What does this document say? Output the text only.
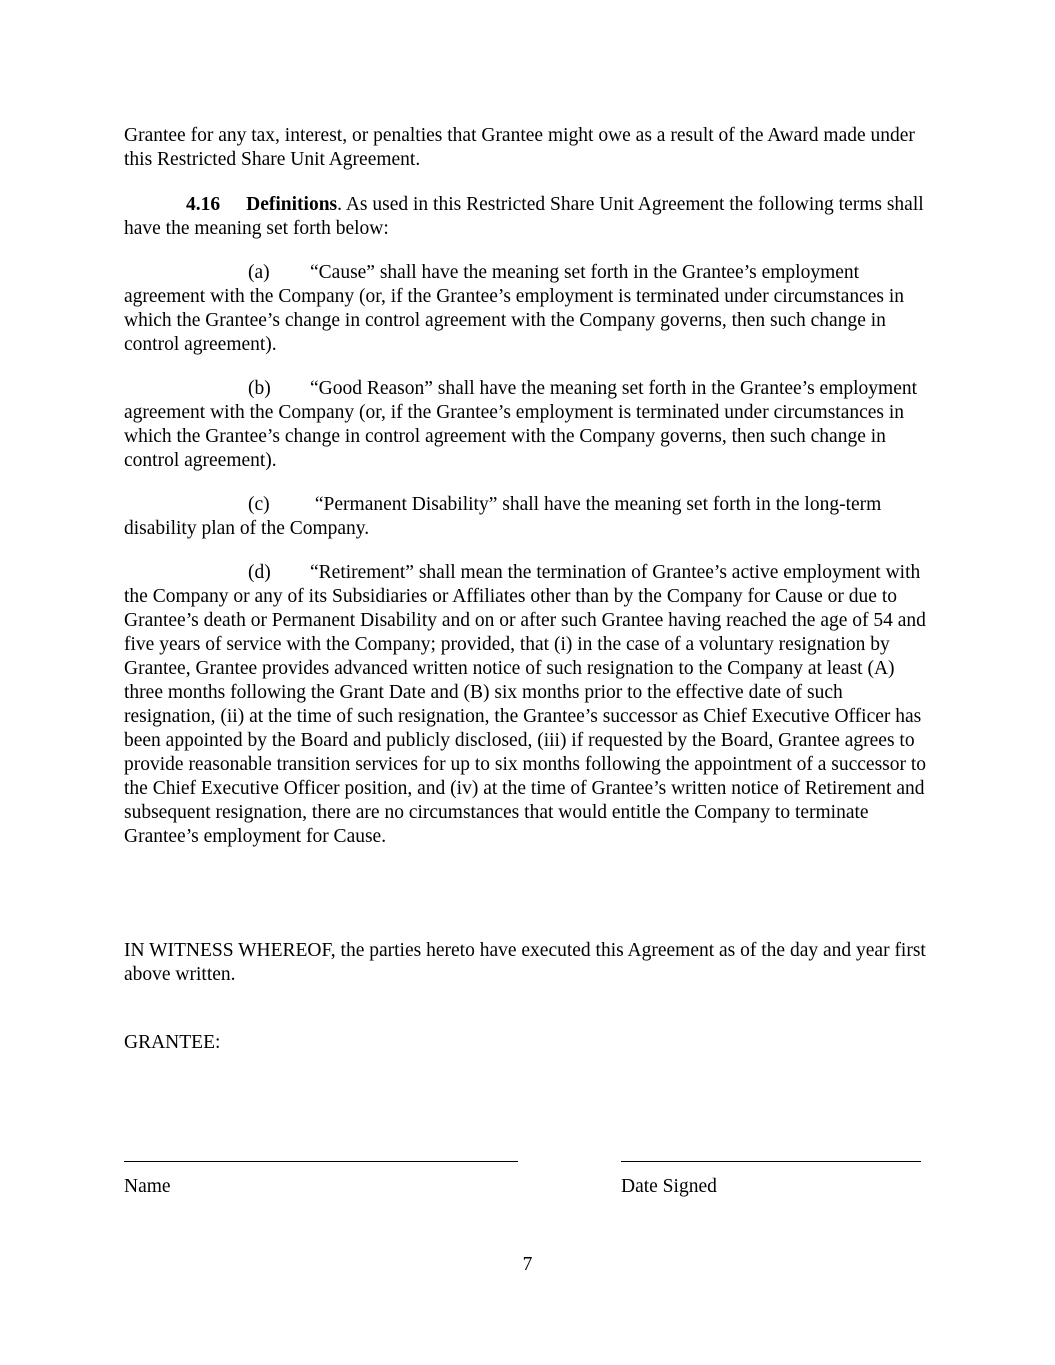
Grantee for any tax, interest, or penalties that Grantee might owe as a result of the Award made under this Restricted Share Unit Agreement.

4.16 Definitions. As used in this Restricted Share Unit Agreement the following terms shall have the meaning set forth below:

(a) “Cause” shall have the meaning set forth in the Grantee’s employment agreement with the Company (or, if the Grantee’s employment is terminated under circumstances in which the Grantee’s change in control agreement with the Company governs, then such change in control agreement).

(b) “Good Reason” shall have the meaning set forth in the Grantee’s employment agreement with the Company (or, if the Grantee’s employment is terminated under circumstances in which the Grantee’s change in control agreement with the Company governs, then such change in control agreement).

(c) “Permanent Disability” shall have the meaning set forth in the long-term disability plan of the Company.

(d) “Retirement” shall mean the termination of Grantee’s active employment with the Company or any of its Subsidiaries or Affiliates other than by the Company for Cause or due to Grantee’s death or Permanent Disability and on or after such Grantee having reached the age of 54 and five years of service with the Company; provided, that (i) in the case of a voluntary resignation by Grantee, Grantee provides advanced written notice of such resignation to the Company at least (A) three months following the Grant Date and (B) six months prior to the effective date of such resignation, (ii) at the time of such resignation, the Grantee’s successor as Chief Executive Officer has been appointed by the Board and publicly disclosed, (iii) if requested by the Board, Grantee agrees to provide reasonable transition services for up to six months following the appointment of a successor to the Chief Executive Officer position, and (iv) at the time of Grantee’s written notice of Retirement and subsequent resignation, there are no circumstances that would entitle the Company to terminate Grantee’s employment for Cause.

IN WITNESS WHEREOF, the parties hereto have executed this Agreement as of the day and year first above written.

GRANTEE:

Name	Date Signed
7
